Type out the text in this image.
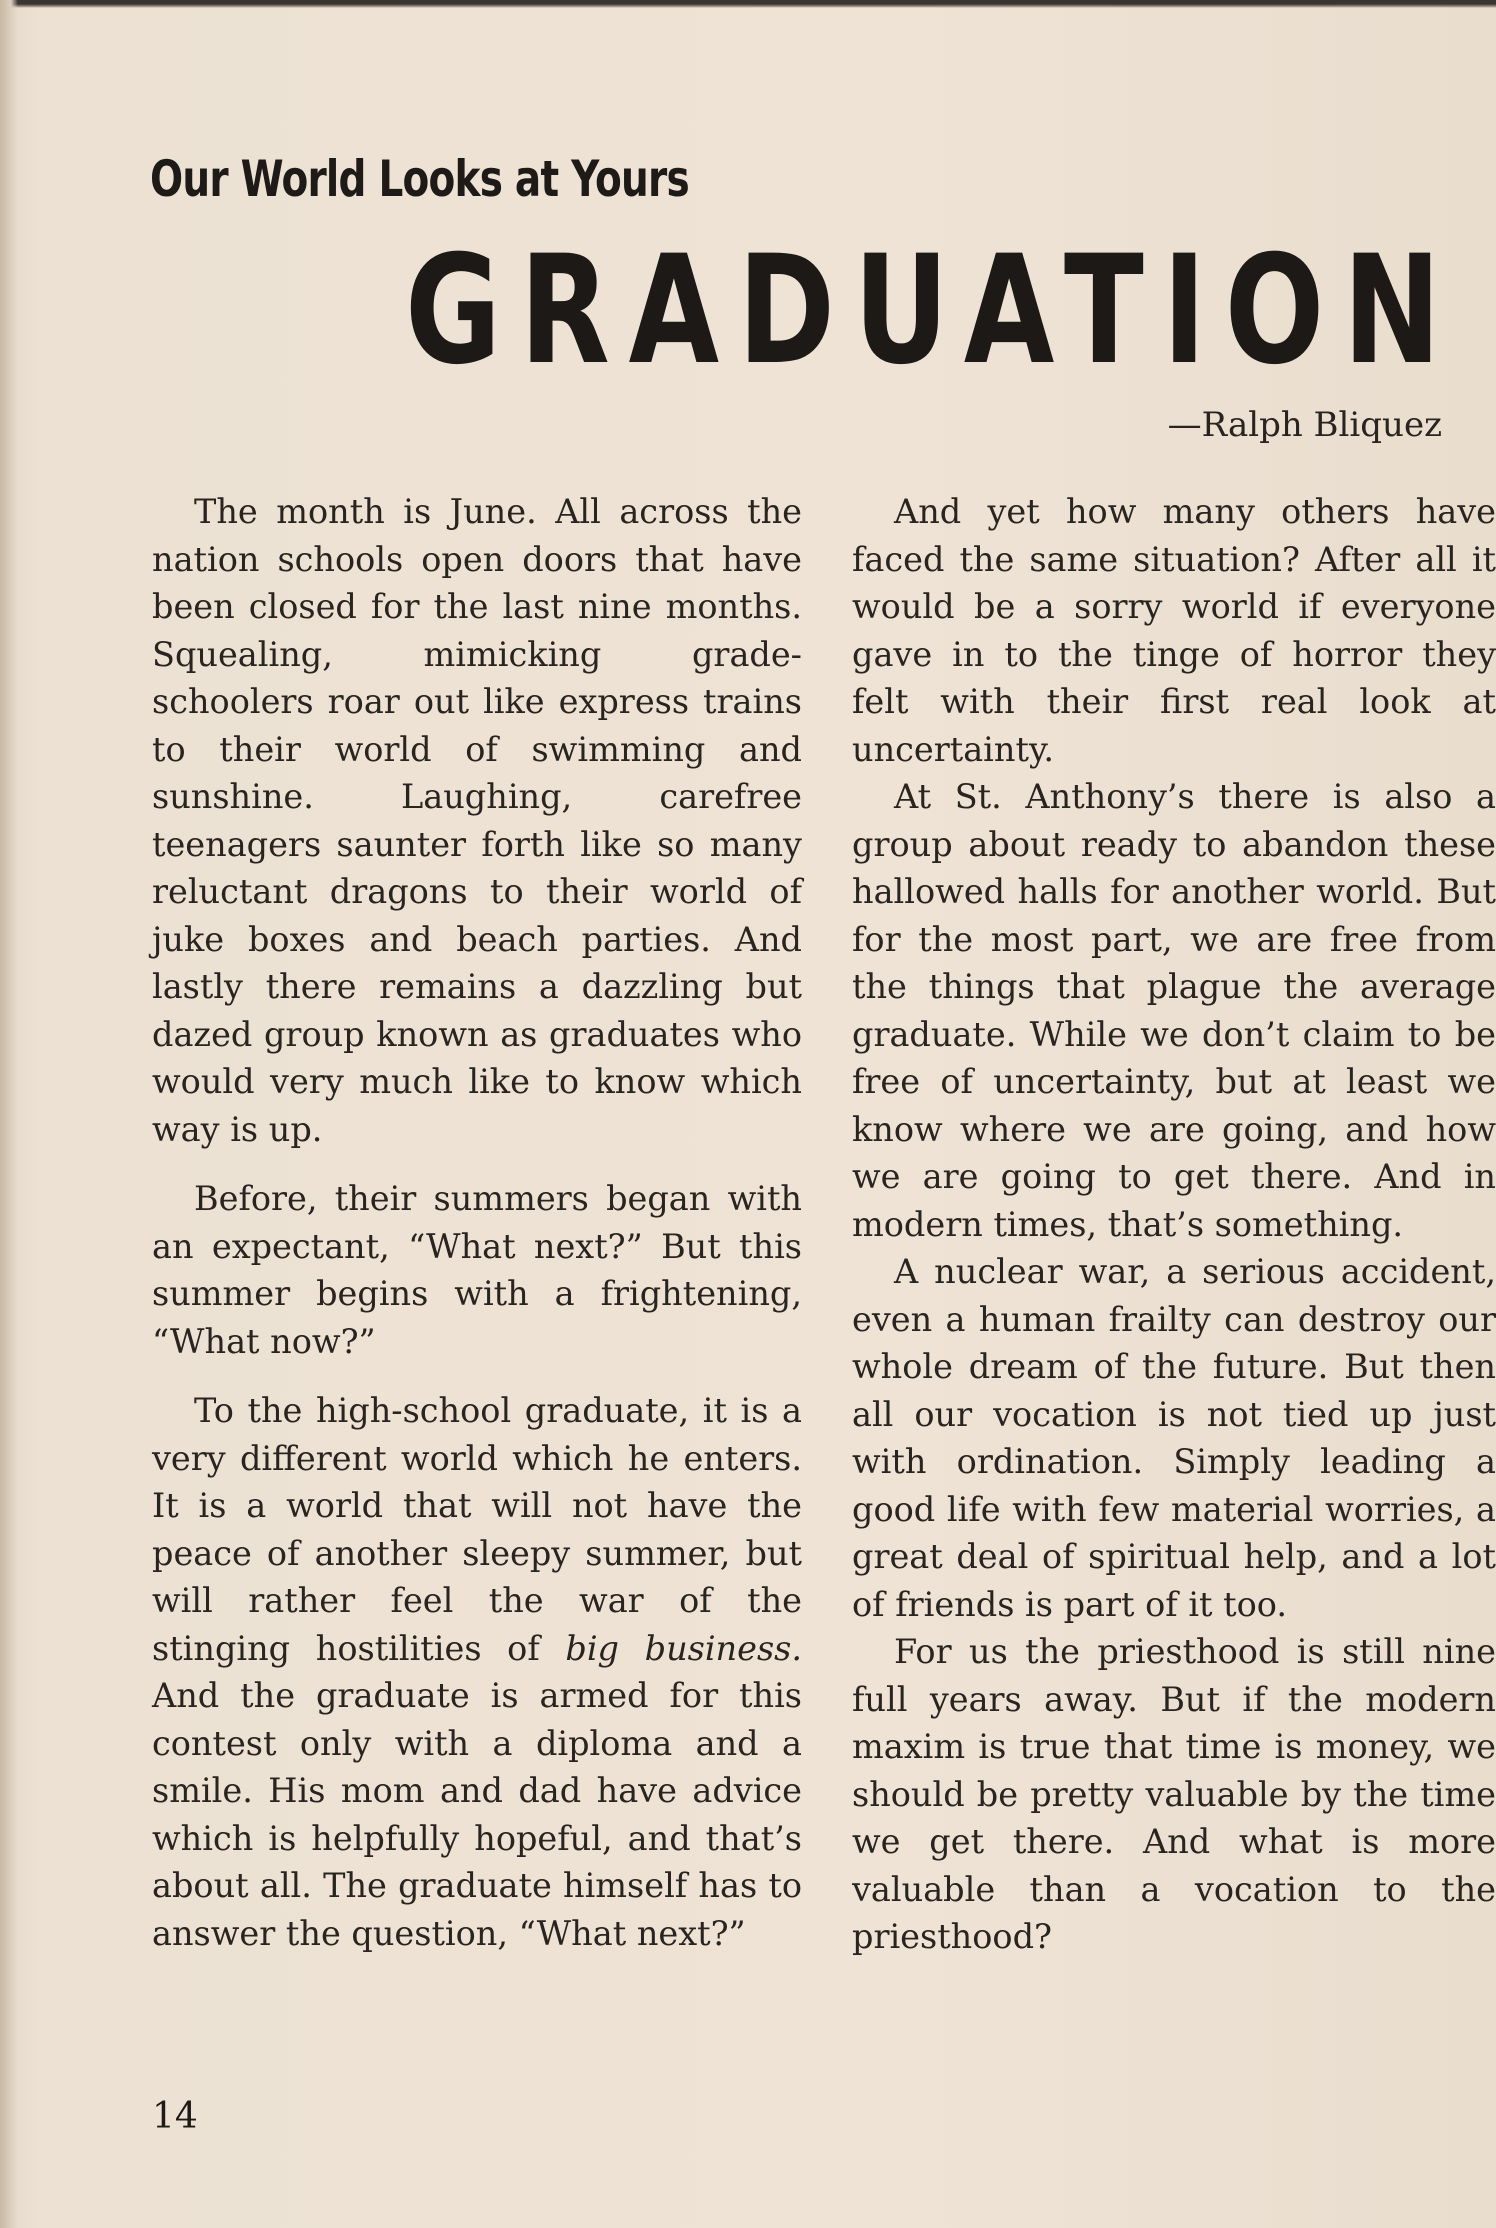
Our World Looks at Yours
GRADUATION
—Ralph Bliquez

The month is June. All across the nation schools open doors that have been closed for the last nine months. Squealing, mimicking grade-schoolers roar out like express trains to their world of swimming and sunshine. Laughing, carefree teenagers saunter forth like so many reluctant dragons to their world of juke boxes and beach parties. And lastly there remains a dazzling but dazed group known as graduates who would very much like to know which way is up.

Before, their summers began with an expectant, “What next?” But this summer begins with a frightening, “What now?”

To the high-school graduate, it is a very different world which he enters. It is a world that will not have the peace of another sleepy summer, but will rather feel the war of the stinging hostilities of big business. And the graduate is armed for this contest only with a diploma and a smile. His mom and dad have advice which is helpfully hopeful, and that’s about all. The graduate himself has to answer the question, “What next?”

And yet how many others have faced the same situation? After all it would be a sorry world if everyone gave in to the tinge of horror they felt with their first real look at uncertainty.

At St. Anthony’s there is also a group about ready to abandon these hallowed halls for another world. But for the most part, we are free from the things that plague the average graduate. While we don’t claim to be free of uncertainty, but at least we know where we are going, and how we are going to get there. And in modern times, that’s something.

A nuclear war, a serious accident, even a human frailty can destroy our whole dream of the future. But then all our vocation is not tied up just with ordination. Simply leading a good life with few material worries, a great deal of spiritual help, and a lot of friends is part of it too.

For us the priesthood is still nine full years away. But if the modern maxim is true that time is money, we should be pretty valuable by the time we get there. And what is more valuable than a vocation to the priesthood?

14
